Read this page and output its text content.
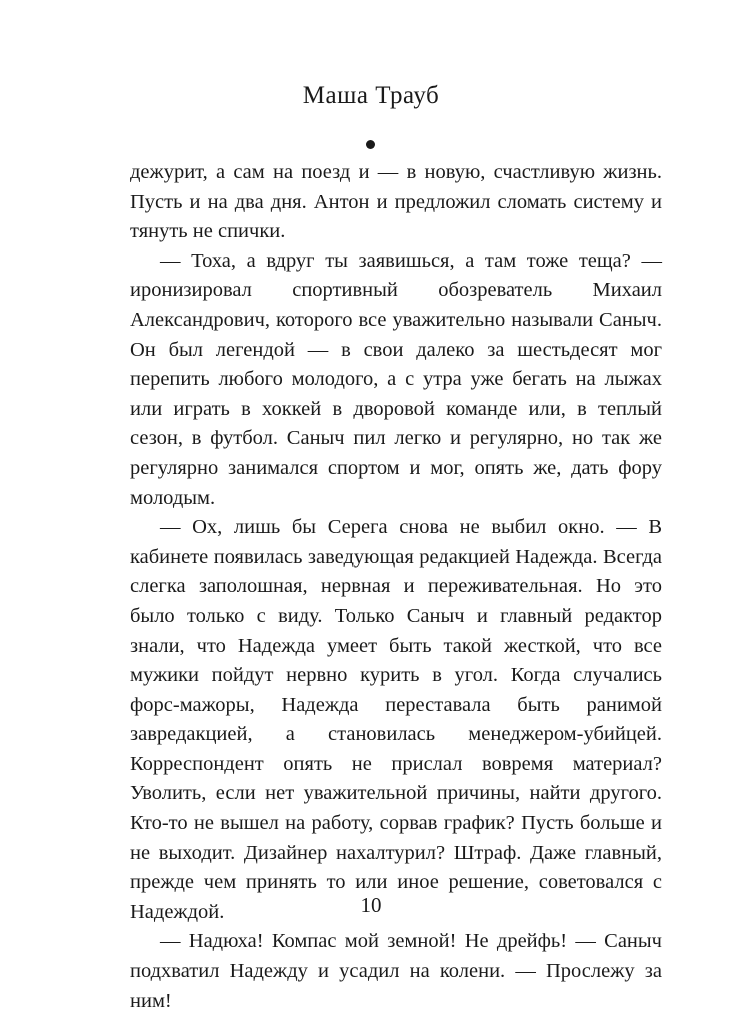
Маша Трауб

дежурит, а сам на поезд и — в новую, счастливую жизнь. Пусть и на два дня. Антон и предложил сломать систему и тянуть не спички.

— Тоха, а вдруг ты заявишься, а там тоже теща? — иронизировал спортивный обозреватель Михаил Александрович, которого все уважительно называли Саныч. Он был легендой — в свои далеко за шестьдесят мог перепить любого молодого, а с утра уже бегать на лыжах или играть в хоккей в дворовой команде или, в теплый сезон, в футбол. Саныч пил легко и регулярно, но так же регулярно занимался спортом и мог, опять же, дать фору молодым.

— Ох, лишь бы Серега снова не выбил окно. — В кабинете появилась заведующая редакцией Надежда. Всегда слегка заполошная, нервная и переживательная. Но это было только с виду. Только Саныч и главный редактор знали, что Надежда умеет быть такой жесткой, что все мужики пойдут нервно курить в угол. Когда случались форс-мажоры, Надежда переставала быть ранимой завредакцией, а становилась менеджером-убийцей. Корреспондент опять не прислал вовремя материал? Уволить, если нет уважительной причины, найти другого. Кто-то не вышел на работу, сорвав график? Пусть больше и не выходит. Дизайнер нахалтурил? Штраф. Даже главный, прежде чем принять то или иное решение, советовался с Надеждой.

— Надюха! Компас мой земной! Не дрейфь! — Саныч подхватил Надежду и усадил на колени. — Прослежу за ним!

10
